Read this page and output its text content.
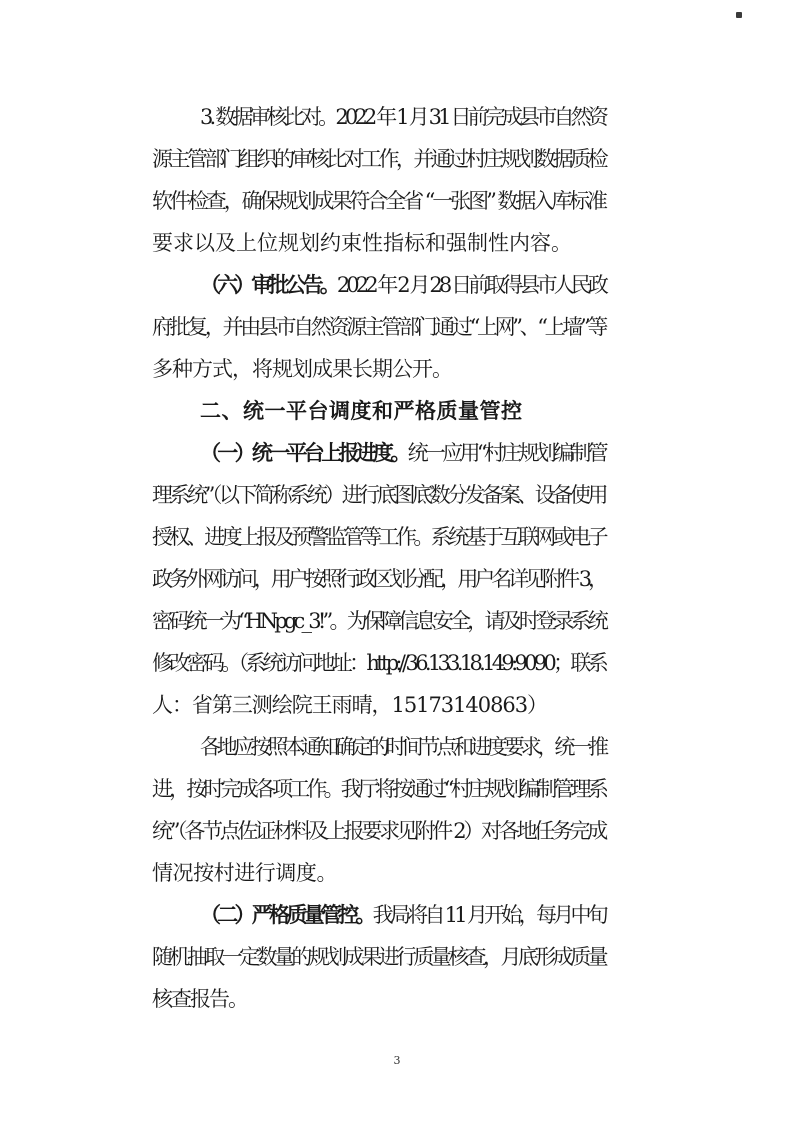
3. 数据审核比对。2022 年 1 月 31 日前完成县市自然资

源主管部门组织的审核比对工作，并通过村庄规划数据质检

软件检查，确保规划成果符合全省 “一张图” 数据入库标准

要求以及上位规划约束性指标和强制性内容。

（六）审批公告。2022 年 2 月 28 日前取得县市人民政

府批复，并由县市自然资源主管部门通过“上网”、“上墙”等

多种方式，将规划成果长期公开。

二、统一平台调度和严格质量管控

（一）统一平台上报进度。统一应用“村庄规划编制管

理系统”（以下简称系统）进行底图底数分发备案、设备使用

授权、进度上报及预警监管等工作。系统基于互联网或电子

政务外网访问，用户按照行政区划分配，用户名详见附件 3，

密码统一为“HNpgc_3!”。为保障信息安全，请及时登录系统

修改密码。（系统访问地址：http://36.133.18.149:9090；联系

人：省第三测绘院王雨晴，15173140863）

各地应按照本通知确定的时间节点和进度要求，统一推

进，按时完成各项工作。我厅将按通过“村庄规划编制管理系

统”（各节点佐证材料及上报要求见附件 2）对各地任务完成

情况按村进行调度。

（二）严格质量管控。我局将自 11 月开始，每月中旬

随机抽取一定数量的规划成果进行质量核查，月底形成质量

核查报告。

3
